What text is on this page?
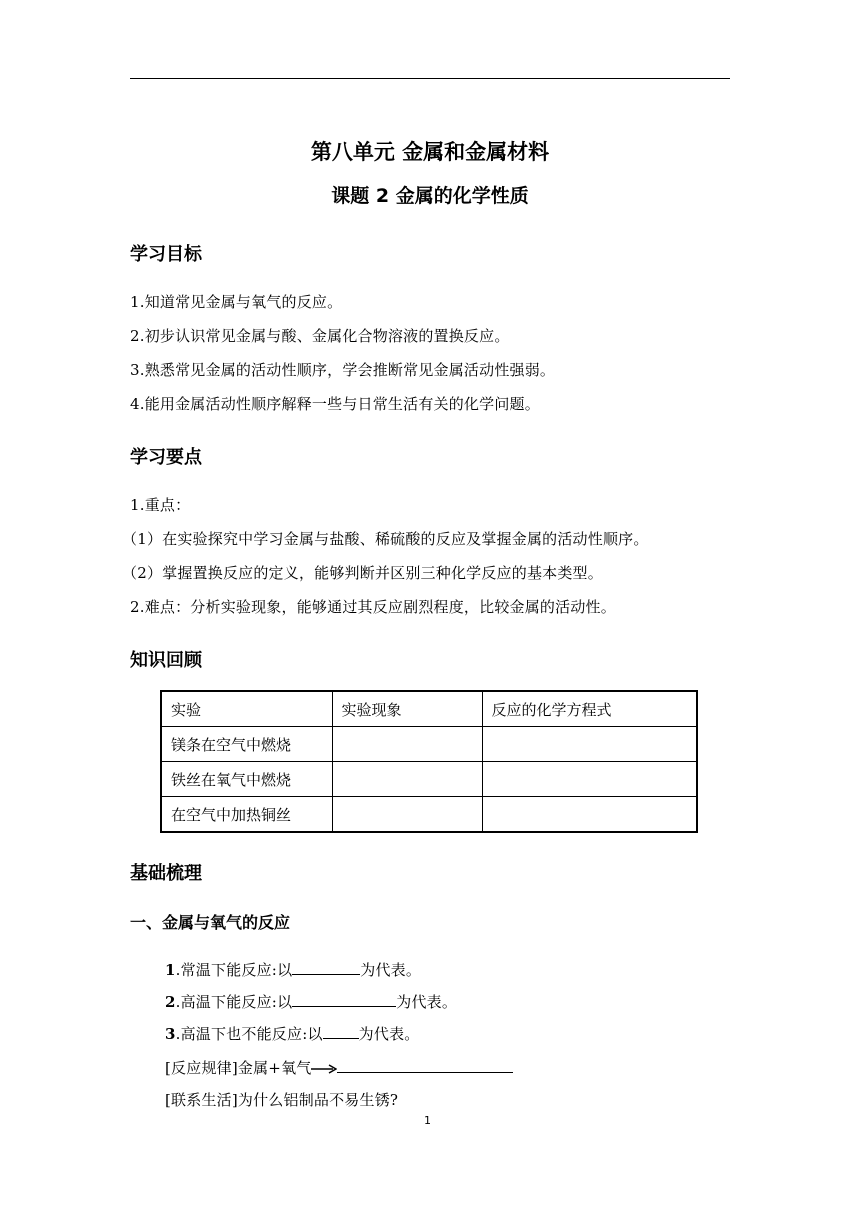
第八单元 金属和金属材料
课题 2 金属的化学性质
学习目标
1.知道常见金属与氧气的反应。
2.初步认识常见金属与酸、金属化合物溶液的置换反应。
3.熟悉常见金属的活动性顺序，学会推断常见金属活动性强弱。
4.能用金属活动性顺序解释一些与日常生活有关的化学问题。
学习要点
1.重点：
（1）在实验探究中学习金属与盐酸、稀硫酸的反应及掌握金属的活动性顺序。
（2）掌握置换反应的定义，能够判断并区别三种化学反应的基本类型。
2.难点：分析实验现象，能够通过其反应剧烈程度，比较金属的活动性。
知识回顾
实验	实验现象	反应的化学方程式
镁条在空气中燃烧		
铁丝在氧气中燃烧		
在空气中加热铜丝		
基础梳理
一、金属与氧气的反应
1.常温下能反应:以	为代表。
2.高温下能反应:以	为代表。
3.高温下也不能反应:以 为代表。
[反应规律]金属+氧气
[联系生活]为什么铝制品不易生锈?
1
